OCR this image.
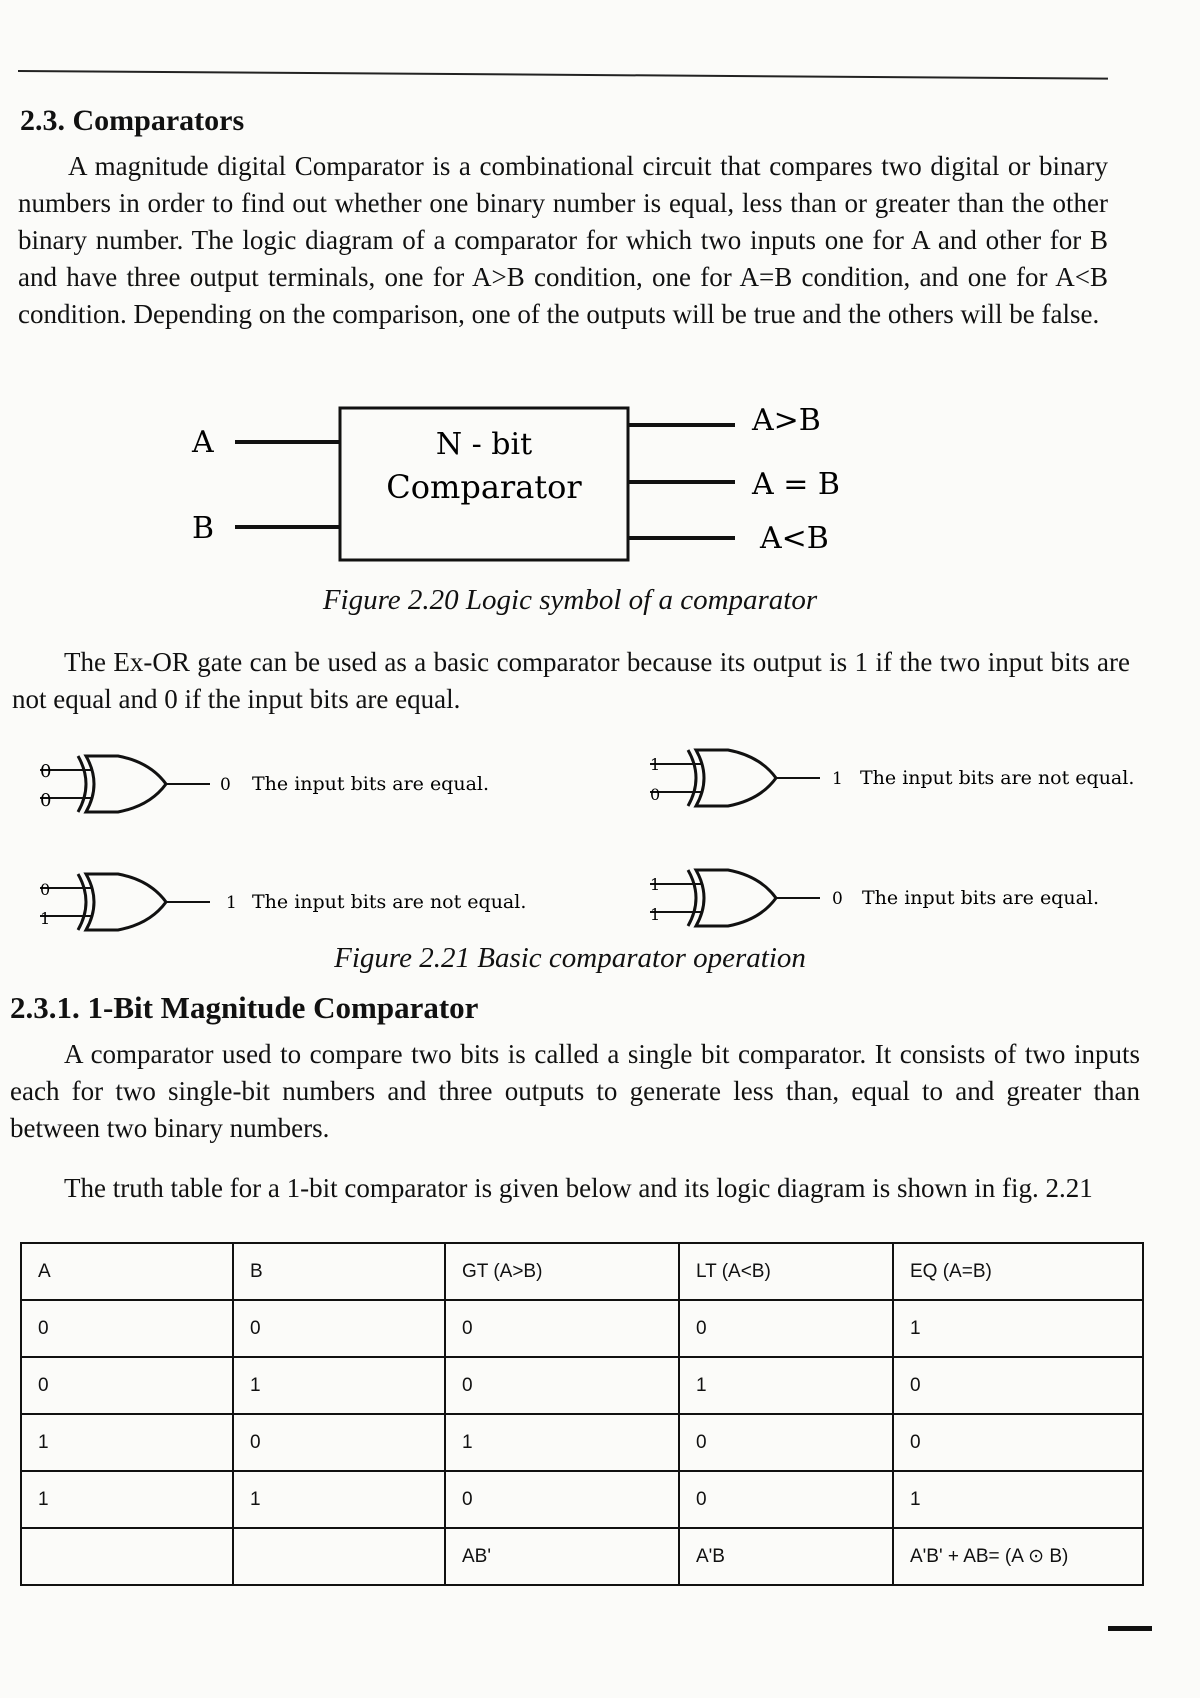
2.3. Comparators
A magnitude digital Comparator is a combinational circuit that compares two digital or binary numbers in order to find out whether one binary number is equal, less than or greater than the other binary number. The logic diagram of a comparator for which two inputs one for A and other for B and have three output terminals, one for A>B condition, one for A=B condition, and one for A<B condition. Depending on the comparison, one of the outputs will be true and the others will be false.
A
B
N - bit
Comparator
A>B
A = B
A<B
Figure 2.20 Logic symbol of a comparator
The Ex-OR gate can be used as a basic comparator because its output is 1 if the two input bits are not equal and 0 if the input bits are equal.
0
0
0 The input bits are equal.
1
0
1 The input bits are not equal.
0
1
1 The input bits are not equal.
1
1
0 The input bits are equal.
Figure 2.21 Basic comparator operation
2.3.1. 1-Bit Magnitude Comparator
A comparator used to compare two bits is called a single bit comparator. It consists of two inputs each for two single-bit numbers and three outputs to generate less than, equal to and greater than between two binary numbers.
The truth table for a 1-bit comparator is given below and its logic diagram is shown in fig. 2.21
A	B	GT (A>B)	LT (A<B)	EQ (A=B)
0	0	0	0	1
0	1	0	1	0
1	0	1	0	0
1	1	0	0	1
		AB'	A'B	A'B' + AB= (A ⊙ B)
